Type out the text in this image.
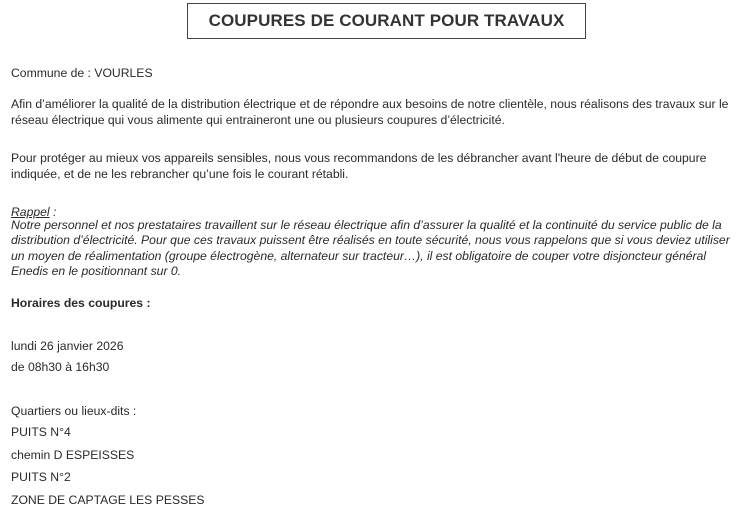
COUPURES DE COURANT POUR TRAVAUX

Commune de : VOURLES

Afin d’améliorer la qualité de la distribution électrique et de répondre aux besoins de notre clientèle, nous réalisons des travaux sur le réseau électrique qui vous alimente qui entraineront une ou plusieurs coupures d’électricité.

Pour protéger au mieux vos appareils sensibles, nous vous recommandons de les débrancher avant l'heure de début de coupure indiquée, et de ne les rebrancher qu’une fois le courant rétabli.

Rappel :

Notre personnel et nos prestataires travaillent sur le réseau électrique afin d’assurer la qualité et la continuité du service public de la distribution d’électricité. Pour que ces travaux puissent être réalisés en toute sécurité, nous vous rappelons que si vous deviez utiliser un moyen de réalimentation (groupe électrogène, alternateur sur tracteur…), il est obligatoire de couper votre disjoncteur général Enedis en le positionnant sur 0.

Horaires des coupures :

lundi 26 janvier 2026

de 08h30 à 16h30

Quartiers ou lieux-dits :

PUITS N°4
chemin D ESPEISSES
PUITS N°2
ZONE DE CAPTAGE LES PESSES
